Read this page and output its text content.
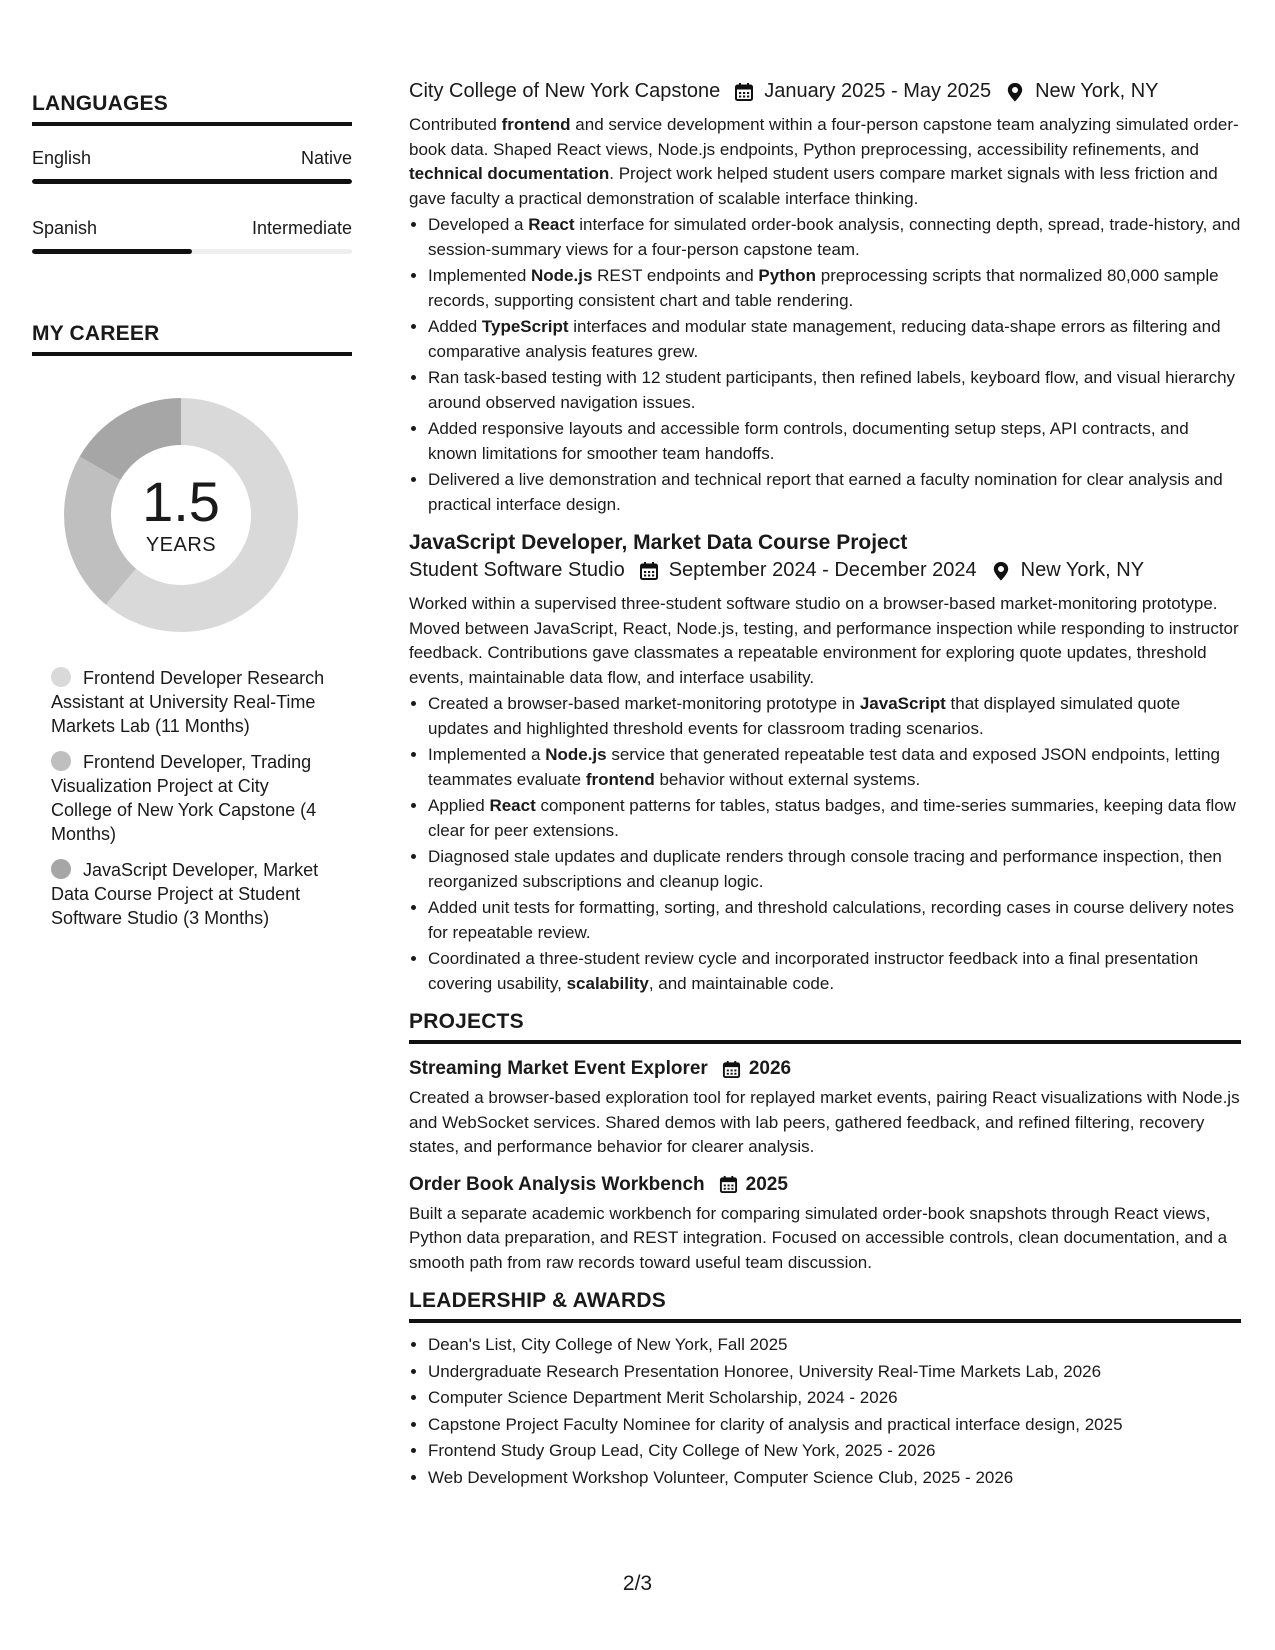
LANGUAGES
English	Native
Spanish	Intermediate
MY CAREER
1.5
YEARS
Frontend Developer Research Assistant at University Real-Time Markets Lab (11 Months)
Frontend Developer, Trading Visualization Project at City College of New York Capstone (4 Months)
JavaScript Developer, Market Data Course Project at Student Software Studio (3 Months)
City College of New York Capstone January 2025 - May 2025 New York, NY

Contributed frontend and service development within a four-person capstone team analyzing simulated order-book data. Shaped React views, Node.js endpoints, Python preprocessing, accessibility refinements, and technical documentation. Project work helped student users compare market signals with less friction and gave faculty a practical demonstration of scalable interface thinking.

• Developed a React interface for simulated order-book analysis, connecting depth, spread, trade-history, and session-summary views for a four-person capstone team.
• Implemented Node.js REST endpoints and Python preprocessing scripts that normalized 80,000 sample records, supporting consistent chart and table rendering.
• Added TypeScript interfaces and modular state management, reducing data-shape errors as filtering and comparative analysis features grew.
• Ran task-based testing with 12 student participants, then refined labels, keyboard flow, and visual hierarchy around observed navigation issues.
• Added responsive layouts and accessible form controls, documenting setup steps, API contracts, and known limitations for smoother team handoffs.
• Delivered a live demonstration and technical report that earned a faculty nomination for clear analysis and practical interface design.
JavaScript Developer, Market Data Course Project
Student Software Studio September 2024 - December 2024 New York, NY

Worked within a supervised three-student software studio on a browser-based market-monitoring prototype. Moved between JavaScript, React, Node.js, testing, and performance inspection while responding to instructor feedback. Contributions gave classmates a repeatable environment for exploring quote updates, threshold events, maintainable data flow, and interface usability.

• Created a browser-based market-monitoring prototype in JavaScript that displayed simulated quote updates and highlighted threshold events for classroom trading scenarios.
• Implemented a Node.js service that generated repeatable test data and exposed JSON endpoints, letting teammates evaluate frontend behavior without external systems.
• Applied React component patterns for tables, status badges, and time-series summaries, keeping data flow clear for peer extensions.
• Diagnosed stale updates and duplicate renders through console tracing and performance inspection, then reorganized subscriptions and cleanup logic.
• Added unit tests for formatting, sorting, and threshold calculations, recording cases in course delivery notes for repeatable review.
• Coordinated a three-student review cycle and incorporated instructor feedback into a final presentation covering usability, scalability, and maintainable code.
PROJECTS
Streaming Market Event Explorer 2026

Created a browser-based exploration tool for replayed market events, pairing React visualizations with Node.js and WebSocket services. Shared demos with lab peers, gathered feedback, and refined filtering, recovery states, and performance behavior for clearer analysis.

Order Book Analysis Workbench 2025

Built a separate academic workbench for comparing simulated order-book snapshots through React views, Python data preparation, and REST integration. Focused on accessible controls, clean documentation, and a smooth path from raw records toward useful team discussion.

LEADERSHIP & AWARDS
• Dean's List, City College of New York, Fall 2025
• Undergraduate Research Presentation Honoree, University Real-Time Markets Lab, 2026
• Computer Science Department Merit Scholarship, 2024 - 2026
• Capstone Project Faculty Nominee for clarity of analysis and practical interface design, 2025
• Frontend Study Group Lead, City College of New York, 2025 - 2026
• Web Development Workshop Volunteer, Computer Science Club, 2025 - 2026
2/3
